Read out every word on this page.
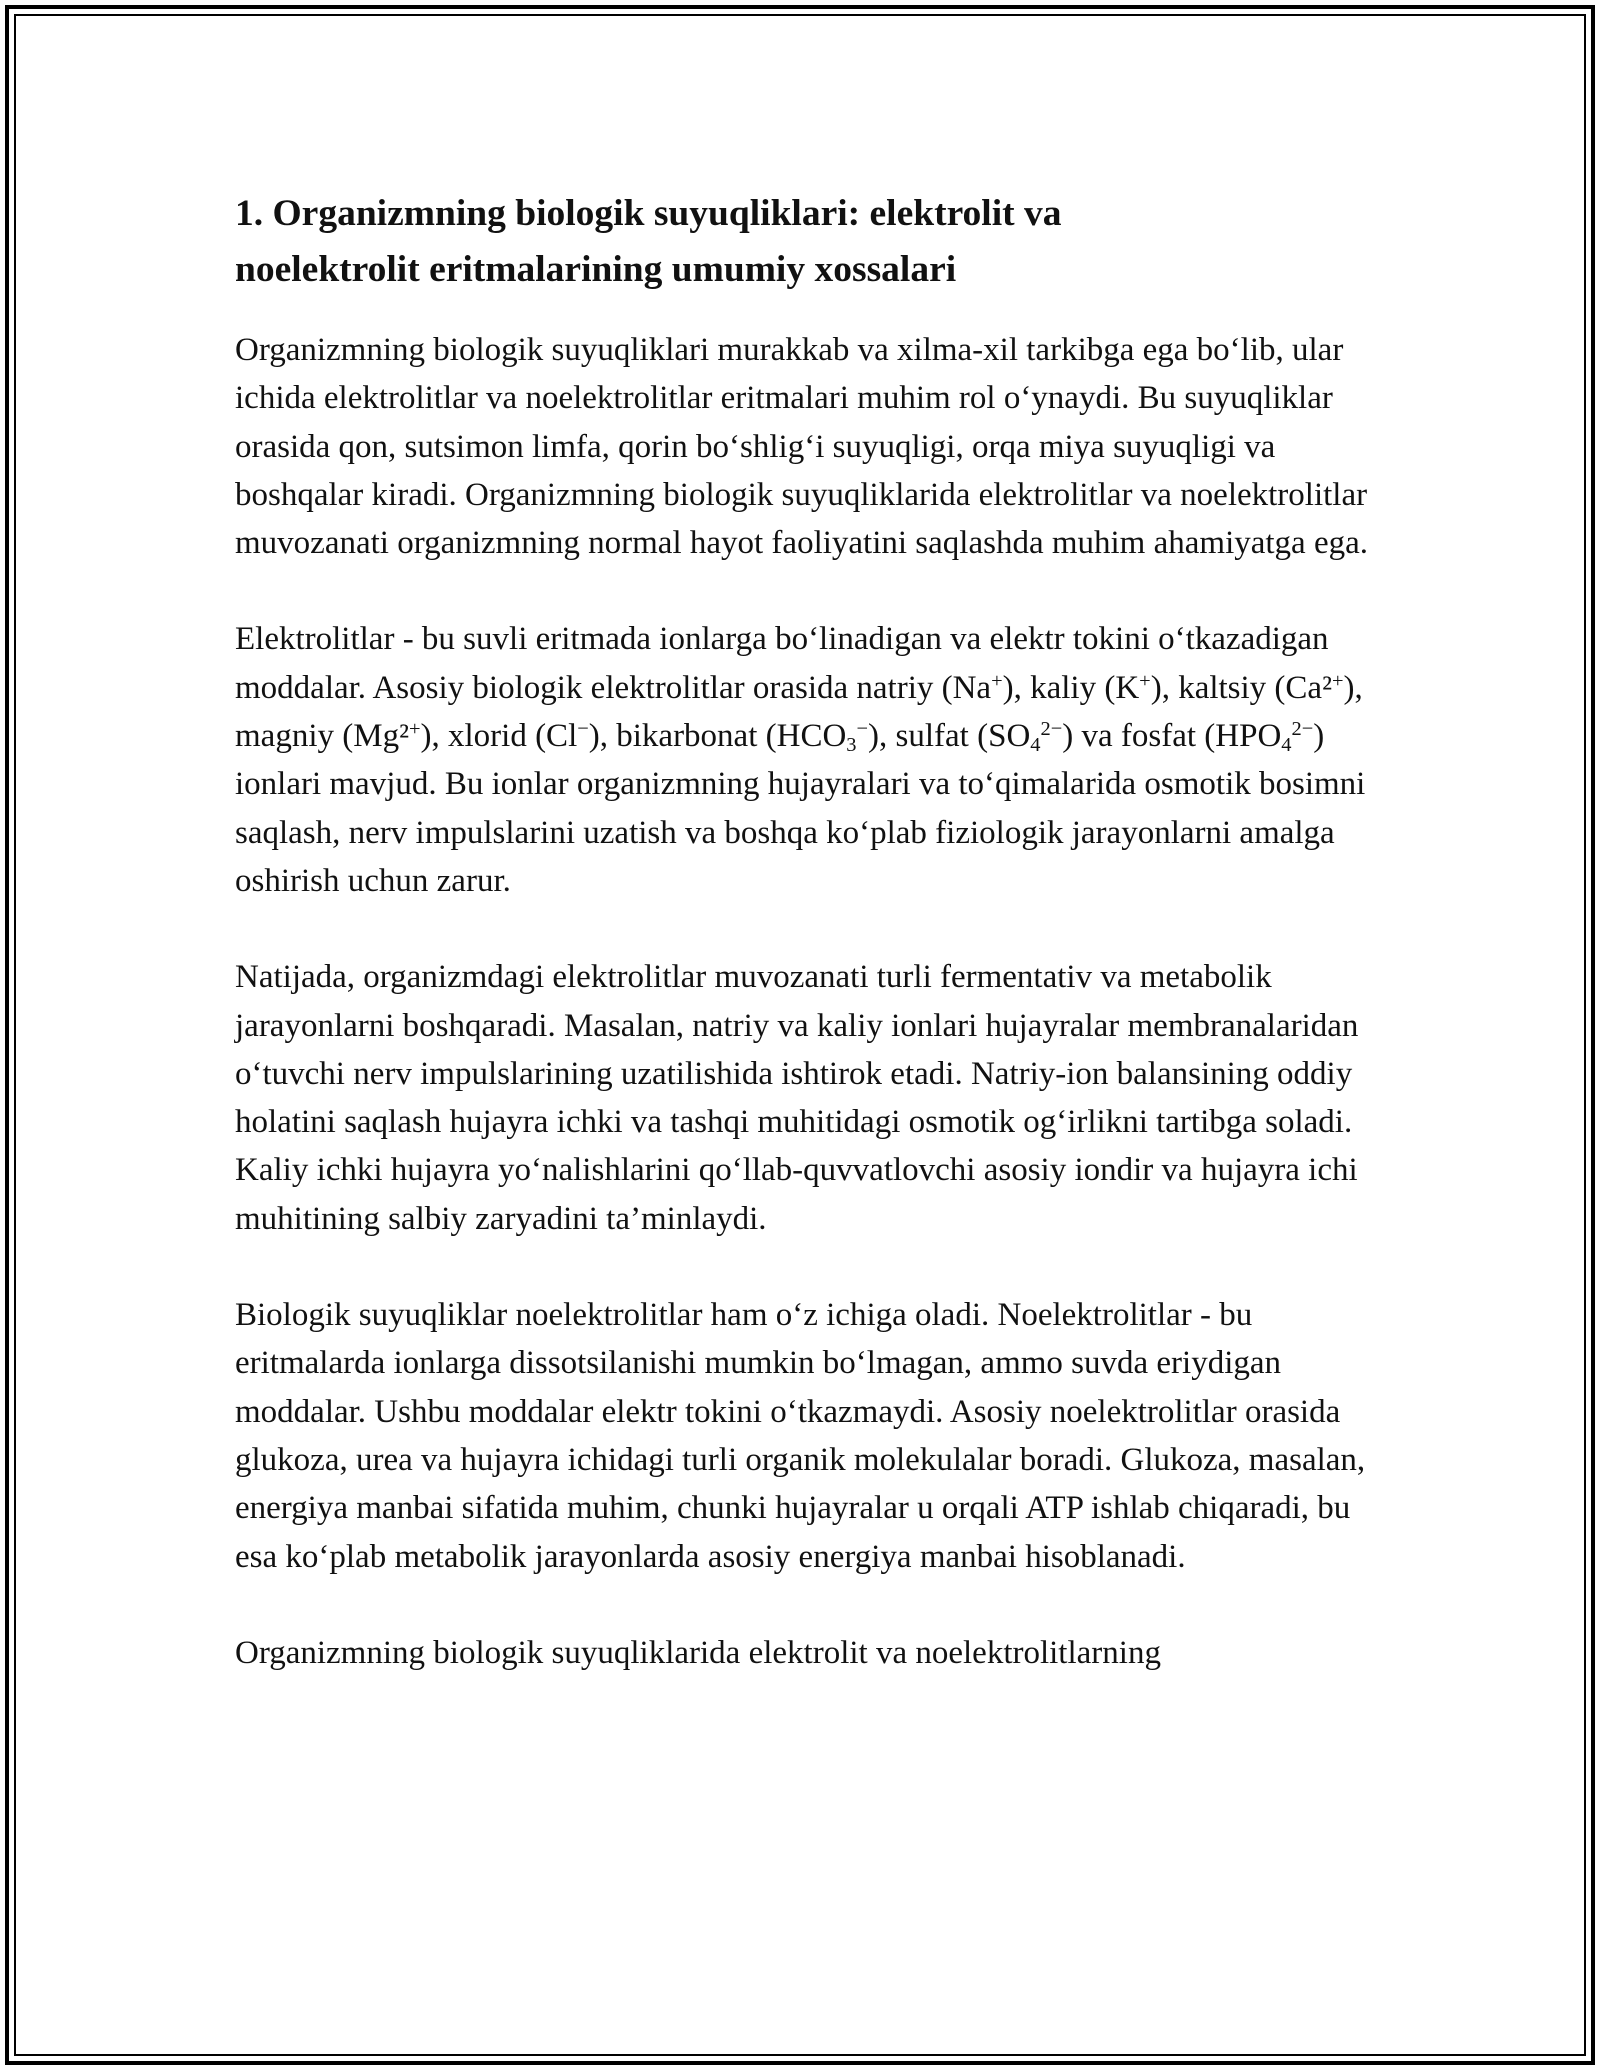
1. Organizmning biologik suyuqliklari: elektrolit va
noelektrolit eritmalarining umumiy xossalari

Organizmning biologik suyuqliklari murakkab va xilma-xil tarkibga ega bo‘lib, ular ichida elektrolitlar va noelektrolitlar eritmalari muhim rol o‘ynaydi. Bu suyuqliklar orasida qon, sutsimon limfa, qorin bo‘shlig‘i suyuqligi, orqa miya suyuqligi va boshqalar kiradi. Organizmning biologik suyuqliklarida elektrolitlar va noelektrolitlar muvozanati organizmning normal hayot faoliyatini saqlashda muhim ahamiyatga ega.

Elektrolitlar - bu suvli eritmada ionlarga bo‘linadigan va elektr tokini o‘tkazadigan moddalar. Asosiy biologik elektrolitlar orasida natriy (Na+), kaliy (K+), kaltsiy (Ca²+), magniy (Mg²+), xlorid (Cl−), bikarbonat $(HCO_3^-)$, sulfat $(SO_4^{2-})$ va fosfat $(HPO_4^{2-})$ ionlari mavjud. Bu ionlar organizmning hujayralari va to‘qimalarida osmotik bosimni saqlash, nerv impulslarini uzatish va boshqa ko‘plab fiziologik jarayonlarni amalga oshirish uchun zarur.

Natijada, organizmdagi elektrolitlar muvozanati turli fermentativ va metabolik jarayonlarni boshqaradi. Masalan, natriy va kaliy ionlari hujayralar membranalaridan o‘tuvchi nerv impulslarining uzatilishida ishtirok etadi. Natriy-ion balansining oddiy holatini saqlash hujayra ichki va tashqi muhitidagi osmotik og‘irlikni tartibga soladi. Kaliy ichki hujayra yo‘nalishlarini qo‘llab-quvvatlovchi asosiy iondir va hujayra ichi muhitining salbiy zaryadini ta’minlaydi.

Biologik suyuqliklar noelektrolitlar ham o‘z ichiga oladi. Noelektrolitlar - bu eritmalarda ionlarga dissotsilanishi mumkin bo‘lmagan, ammo suvda eriydigan moddalar. Ushbu moddalar elektr tokini o‘tkazmaydi. Asosiy noelektrolitlar orasida glukoza, urea va hujayra ichidagi turli organik molekulalar boradi. Glukoza, masalan, energiya manbai sifatida muhim, chunki hujayralar u orqali ATP ishlab chiqaradi, bu esa ko‘plab metabolik jarayonlarda asosiy energiya manbai hisoblanadi.

Organizmning biologik suyuqliklarida elektrolit va noelektrolitlarning
